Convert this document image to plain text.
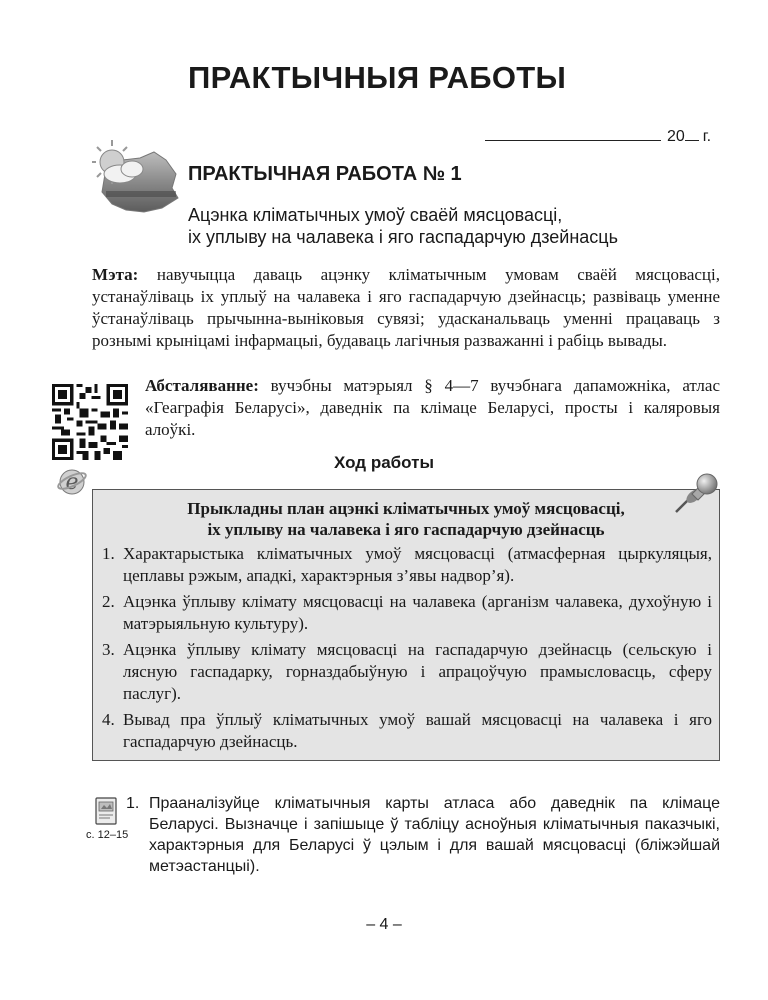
ПРАКТЫЧНЫЯ РАБОТЫ
20 г.
ПРАКТЫЧНАЯ РАБОТА № 1
Ацэнка кліматычных умоў сваёй мясцовасці,
іх уплыву на чалавека і яго гаспадарчую дзейнасць
Мэта: навучыцца даваць ацэнку кліматычным умовам сваёй мясцовасці, устанаўліваць іх уплыў на чалавека і яго гаспадарчую дзейнасць; развіваць уменне ўстанаўліваць прычынна-выніковыя сувязі; удасканальваць уменні працаваць з рознымі крыніцамі інфармацыі, будаваць лагічныя разважанні і рабіць вывады.
Абсталяванне: вучэбны матэрыял § 4—7 вучэбнага дапаможніка, атлас «Геаграфія Беларусі», даведнік па клімаце Беларусі, просты і каляровыя алоўкі.
e
Ход работы
Прыкладны план ацэнкі кліматычных умоў мясцовасці,
іх уплыву на чалавека і яго гаспадарчую дзейнасць
1. Характарыстыка кліматычных умоў мясцовасці (атмасферная цыркуляцыя, цеплавы рэжым, ападкі, характэрныя з’явы надвор’я).
2. Ацэнка ўплыву клімату мясцовасці на чалавека (арганізм чалавека, духоўную і матэрыяльную культуру).
3. Ацэнка ўплыву клімату мясцовасці на гаспадарчую дзейнасць (сельскую і лясную гаспадарку, горназдабыўную і апрацоўчую прамысловасць, сферу паслуг).
4. Вывад пра ўплыў кліматычных умоў вашай мясцовасці на чалавека і яго гаспадарчую дзейнасць.
с. 12–15
1. Прааналізуйце кліматычныя карты атласа або даведнік па клімаце Беларусі. Вызначце і запішыце ў табліцу асноўныя кліматычныя паказчыкі, характэрныя для Беларусі ў цэлым і для вашай мясцовасці (бліжэйшай метэастанцыі).
– 4 –
